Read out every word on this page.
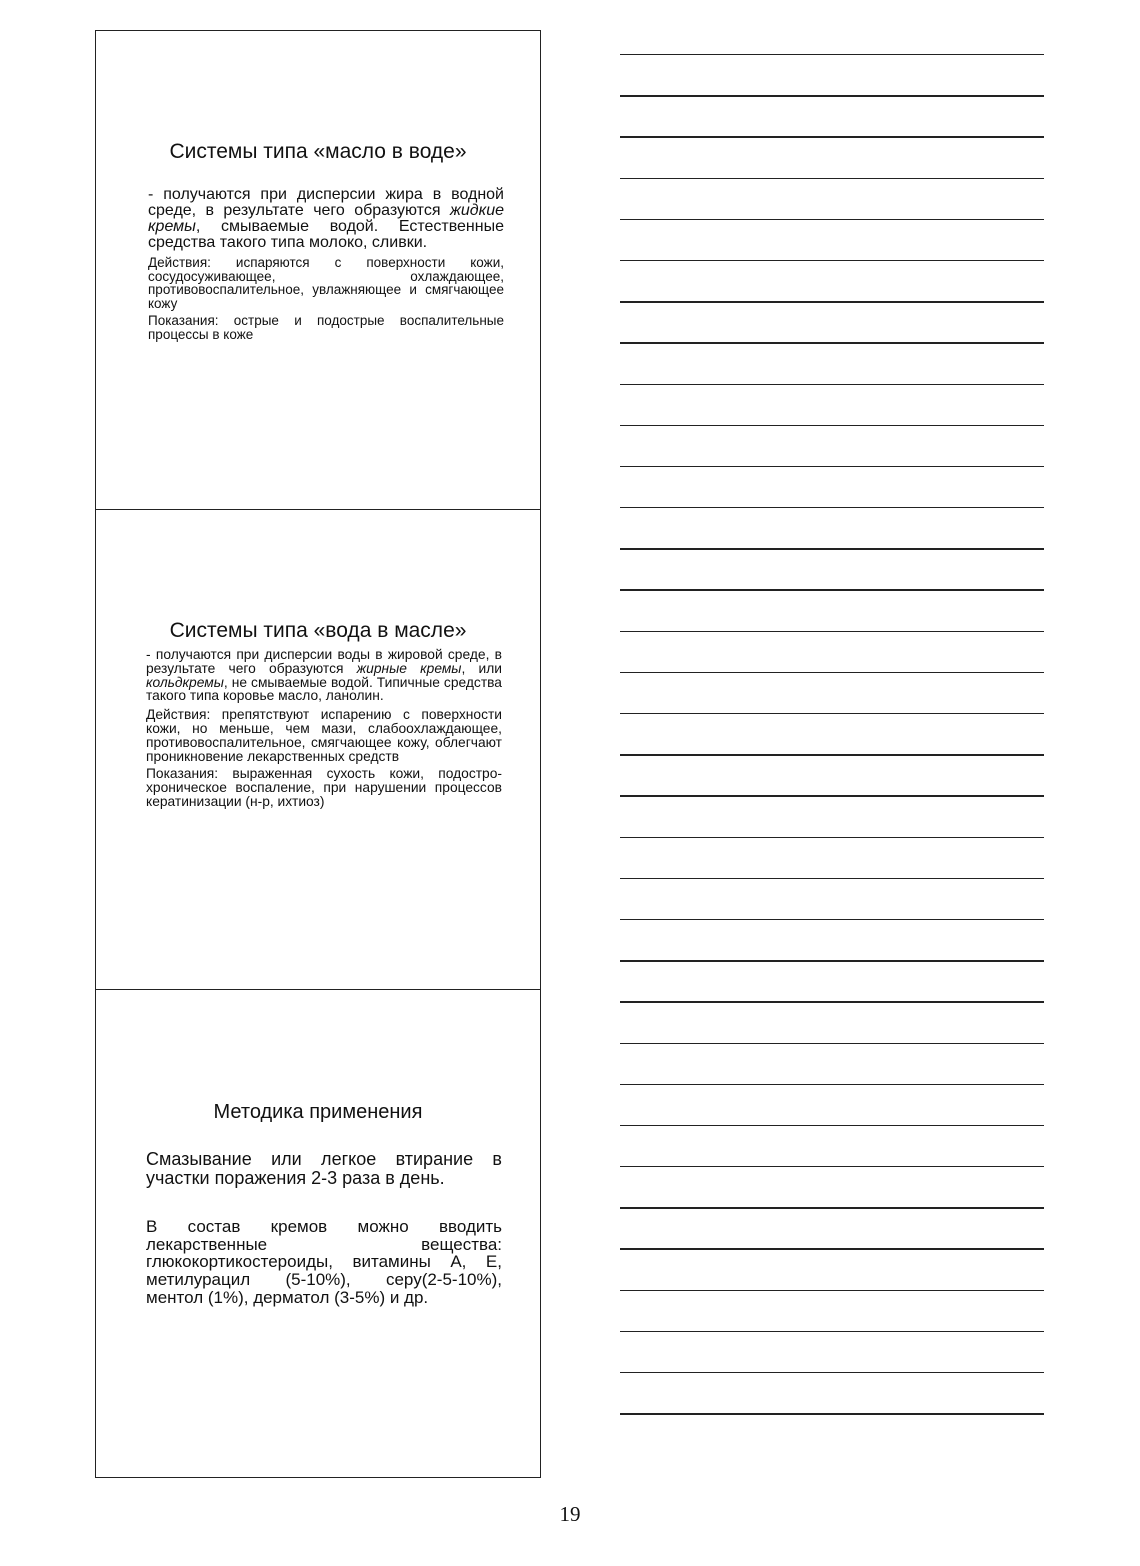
Системы типа «масло в воде»

- получаются при дисперсии жира в водной среде, в результате чего образуются жидкие кремы, смываемые водой. Естественные средства такого типа молоко, сливки.

Действия: испаряются с поверхности кожи, сосудосуживающее, охлаждающее, противовоспалительное, увлажняющее и смягчающее кожу

Показания: острые и подострые воспалительные процессы в коже

Системы типа «вода в масле»

- получаются при дисперсии воды в жировой среде, в результате чего образуются жирные кремы, или кольдкремы, не смываемые водой. Типичные средства такого типа коровье масло, ланолин.

Действия: препятствуют испарению с поверхности кожи, но меньше, чем мази, слабоохлаждающее, противовоспалительное, смягчающее кожу, облегчают проникновение лекарственных средств

Показания: выраженная сухость кожи, подостро-хроническое воспаление, при нарушении процессов кератинизации (н-р, ихтиоз)

Методика применения

Смазывание или легкое втирание в участки поражения 2-3 раза в день.

В состав кремов можно вводить лекарственные вещества: глюкокортикостероиды, витамины А, Е, метилурацил (5-10%), серу(2-5-10%), ментол (1%), дерматол (3-5%) и др.

19
